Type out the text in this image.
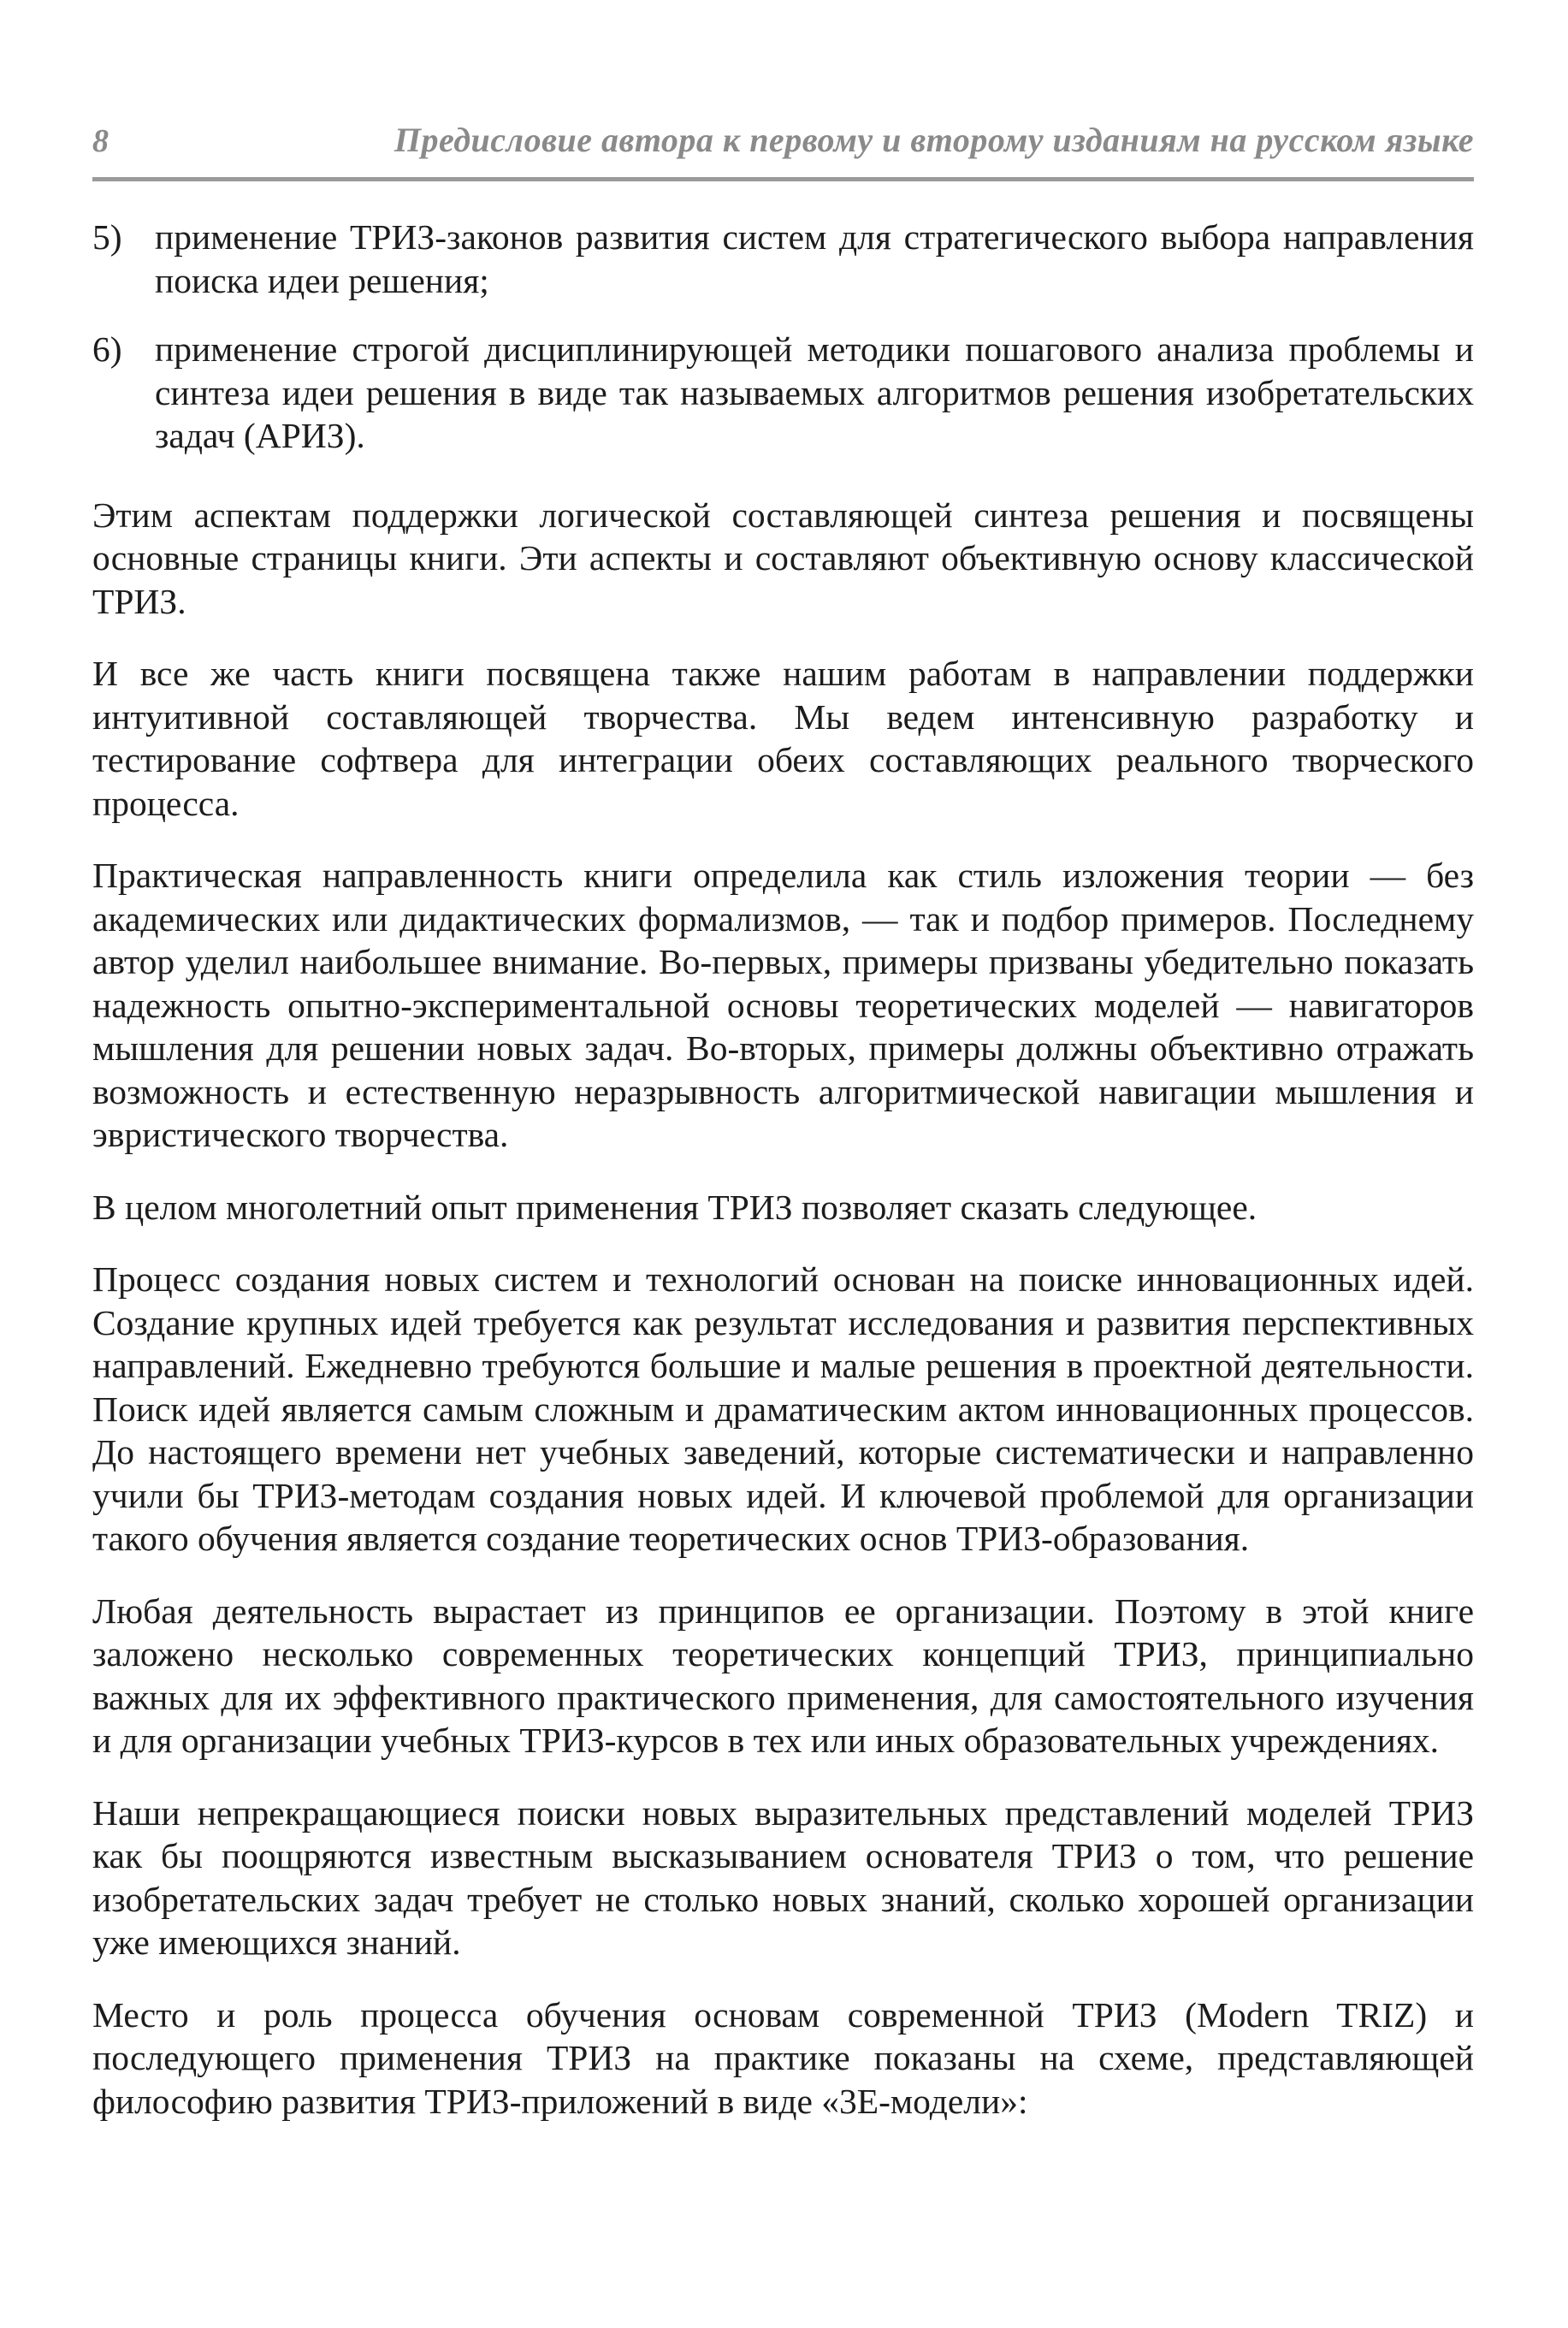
8	Предисловие автора к первому и второму изданиям на русском языке
5) применение ТРИЗ-законов развития систем для стратегического выбора направления поиска идеи решения;
6) применение строгой дисциплинирующей методики пошагового анализа проблемы и синтеза идеи решения в виде так называемых алгоритмов решения изобретательских задач (АРИЗ).

Этим аспектам поддержки логической составляющей синтеза решения и посвящены основные страницы книги. Эти аспекты и составляют объективную основу классической ТРИЗ.

И все же часть книги посвящена также нашим работам в направлении поддержки интуитивной составляющей творчества. Мы ведем интенсивную разработку и тестирование софтвера для интеграции обеих составляющих реального творческого процесса.

Практическая направленность книги определила как стиль изложения теории — без академических или дидактических формализмов, — так и подбор примеров. Последнему автор уделил наибольшее внимание. Во-первых, примеры призваны убедительно показать надежность опытно-экспериментальной основы теоретических моделей — навигаторов мышления для решении новых задач. Во-вторых, примеры должны объективно отражать возможность и естественную неразрывность алгоритмической навигации мышления и эвристического творчества.

В целом многолетний опыт применения ТРИЗ позволяет сказать следующее.

Процесс создания новых систем и технологий основан на поиске инновационных идей. Создание крупных идей требуется как результат исследования и развития перспективных направлений. Ежедневно требуются большие и малые решения в проектной деятельности. Поиск идей является самым сложным и драматическим актом инновационных процессов. До настоящего времени нет учебных заведений, которые систематически и направленно учили бы ТРИЗ-методам создания новых идей. И ключевой проблемой для организации такого обучения является создание теоретических основ ТРИЗ-образования.

Любая деятельность вырастает из принципов ее организации. Поэтому в этой книге заложено несколько современных теоретических концепций ТРИЗ, принципиально важных для их эффективного практического применения, для самостоятельного изучения и для организации учебных ТРИЗ-курсов в тех или иных образовательных учреждениях.

Наши непрекращающиеся поиски новых выразительных представлений моделей ТРИЗ как бы поощряются известным высказыванием основателя ТРИЗ о том, что решение изобретательских задач требует не столько новых знаний, сколько хорошей организации уже имеющихся знаний.

Место и роль процесса обучения основам современной ТРИЗ (Modern TRIZ) и последующего применения ТРИЗ на практике показаны на схеме, представляющей философию развития ТРИЗ-приложений в виде «3Е-модели»:
